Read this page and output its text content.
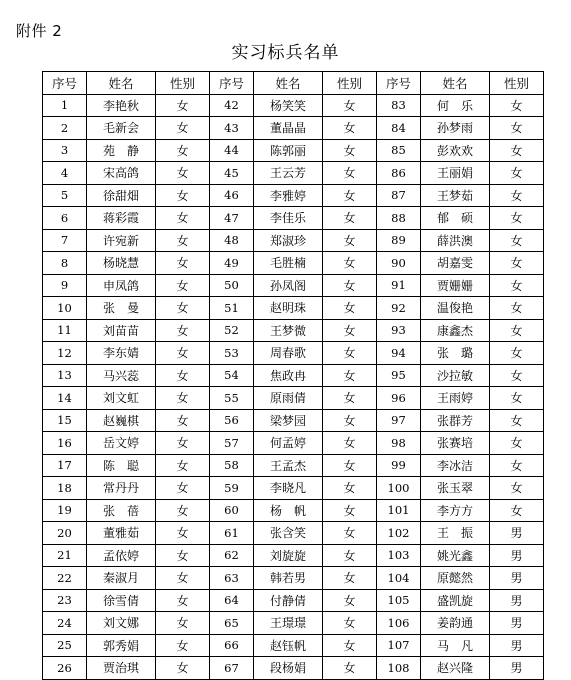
附件 2
实习标兵名单
序号	姓名	性别	序号	姓名	性别	序号	姓名	性别
1	李艳秋	女	42	杨笑笑	女	83	何　乐	女
2	毛新会	女	43	董晶晶	女	84	孙梦雨	女
3	苑　静	女	44	陈郭丽	女	85	彭欢欢	女
4	宋高鸽	女	45	王云芳	女	86	王丽娟	女
5	徐甜畑	女	46	李雅婷	女	87	王梦茹	女
6	蒋彩霞	女	47	李佳乐	女	88	郁　硕	女
7	许宛新	女	48	郑淑珍	女	89	薛洪澳	女
8	杨晓慧	女	49	毛胜楠	女	90	胡嘉雯	女
9	申凤鸽	女	50	孙凤阁	女	91	贾姗姗	女
10	张　曼	女	51	赵明珠	女	92	温俊艳	女
11	刘苗苗	女	52	王梦微	女	93	康鑫杰	女
12	李东婧	女	53	周春歌	女	94	张　璐	女
13	马兴蕊	女	54	焦政冉	女	95	沙拉敏	女
14	刘文虹	女	55	原雨倩	女	96	王雨婷	女
15	赵巍棋	女	56	梁梦园	女	97	张群芳	女
16	岳文婷	女	57	何孟婷	女	98	张赛培	女
17	陈　聪	女	58	王孟杰	女	99	李冰洁	女
18	常丹丹	女	59	李晓凡	女	100	张玉翠	女
19	张　蓓	女	60	杨　帆	女	101	李方方	女
20	董雅茹	女	61	张含笑	女	102	王　振	男
21	孟依婷	女	62	刘旋旋	女	103	姚光鑫	男
22	秦淑月	女	63	韩若男	女	104	原懿然	男
23	徐雪倩	女	64	付静倩	女	105	盛凯旋	男
24	刘文娜	女	65	王璟璟	女	106	姜韵通	男
25	郭秀娟	女	66	赵钰帆	女	107	马　凡	男
26	贾治琪	女	67	段杨娟	女	108	赵兴隆	男
